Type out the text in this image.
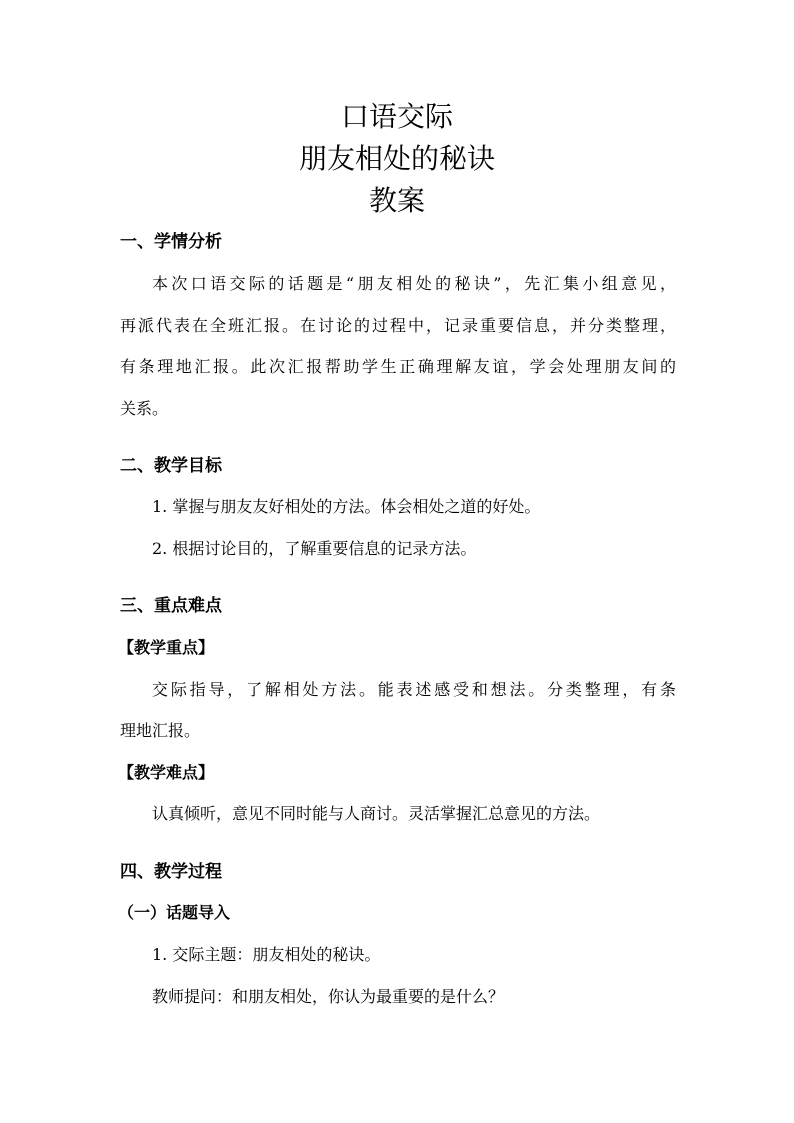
口语交际
朋友相处的秘诀
教案
一、学情分析

本次口语交际的话题是“朋友相处的秘诀”，先汇集小组意见，

再派代表在全班汇报。在讨论的过程中，记录重要信息，并分类整理，

有条理地汇报。此次汇报帮助学生正确理解友谊，学会处理朋友间的

关系。

二、教学目标

1. 掌握与朋友友好相处的方法。体会相处之道的好处。

2. 根据讨论目的，了解重要信息的记录方法。

三、重点难点

【教学重点】

交际指导，了解相处方法。能表述感受和想法。分类整理，有条

理地汇报。

【教学难点】

认真倾听，意见不同时能与人商讨。灵活掌握汇总意见的方法。

四、教学过程

（一）话题导入

1. 交际主题：朋友相处的秘诀。

教师提问：和朋友相处，你认为最重要的是什么？
